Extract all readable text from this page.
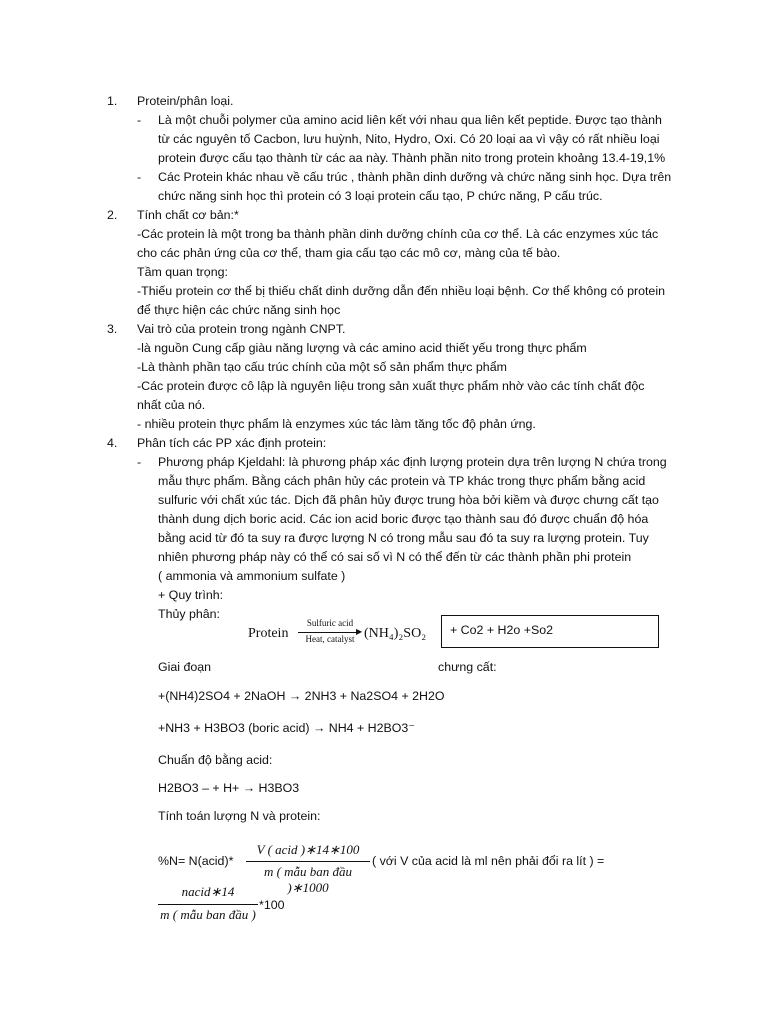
1. Protein/phân loại.
- Là một chuỗi polymer của amino acid liên kết với nhau qua liên kết peptide. Được tạo thành
từ các nguyên tố Cacbon, lưu huỳnh, Nito, Hydro, Oxi. Có 20 loại aa vì vậy có rất nhiều loại
protein được cấu tạo thành từ các aa này. Thành phần nito trong protein khoảng 13.4-19,1%
- Các Protein khác nhau về cấu trúc , thành phần dinh dưỡng và chức năng sinh học. Dựa trên
chức năng sinh học thì protein có 3 loại protein cấu tạo, P chức năng, P cấu trúc.
2. Tính chất cơ bản:*
-Các protein là một trong ba thành phần dinh dưỡng chính của cơ thể. Là các enzymes xúc tác
cho các phản ứng của cơ thể, tham gia cấu tạo các mô cơ, màng của tế bào.
Tầm quan trọng:
-Thiếu protein cơ thể bị thiếu chất dinh dưỡng dẫn đến nhiều loại bệnh. Cơ thể không có protein
để thực hiện các chức năng sinh học
3. Vai trò của protein trong ngành CNPT.
-là nguồn Cung cấp giàu năng lượng và các amino acid thiết yếu trong thực phẩm
-Là thành phần tạo cấu trúc chính của một số sản phẩm thực phẩm
-Các protein được cô lập là nguyên liệu trong sản xuất thực phẩm nhờ vào các tính chất độc
nhất của nó.
- nhiều protein thực phẩm là enzymes xúc tác làm tăng tốc độ phản ứng.
4. Phân tích các PP xác định protein:
- Phương pháp Kjeldahl: là phương pháp xác định lượng protein dựa trên lượng N chứa trong
mẫu thực phẩm. Bằng cách phân hủy các protein và TP khác trong thực phẩm bằng acid
sulfuric với chất xúc tác. Dịch đã phân hủy được trung hòa bởi kiềm và được chưng cất tạo
thành dung dịch boric acid. Các ion acid boric được tạo thành sau đó được chuẩn độ hóa
bằng acid từ đó ta suy ra được lượng N có trong mẫu sau đó ta suy ra lượng protein. Tuy
nhiên phương pháp này có thể có sai số vì N có thể đến từ các thành phần phi protein
( ammonia và ammonium sulfate )
+ Quy trình:
Thủy phân:
Protein
Sulfuric acid
▶
Heat, catalyst (NH₄)₂SO₂ + Co2 + H2o +So2
Giai đoạn	chưng cất:
+(NH4)2SO4 + 2NaOH → 2NH3 + Na2SO4 + 2H2O
+NH3 + H3BO3 (boric acid) → NH4 + H2BO3⁻
Chuẩn độ bằng acid:
H2BO3 – + H+ → H3BO3
Tính toán lượng N và protein:
%N= N(acid)*
V ( acid )∗14∗100
m ( mẫu ban đầu )∗1000
( với V của acid là ml nên phải đổi ra lít ) =
nacid∗14
m ( mẫu ban đầu )
*100
